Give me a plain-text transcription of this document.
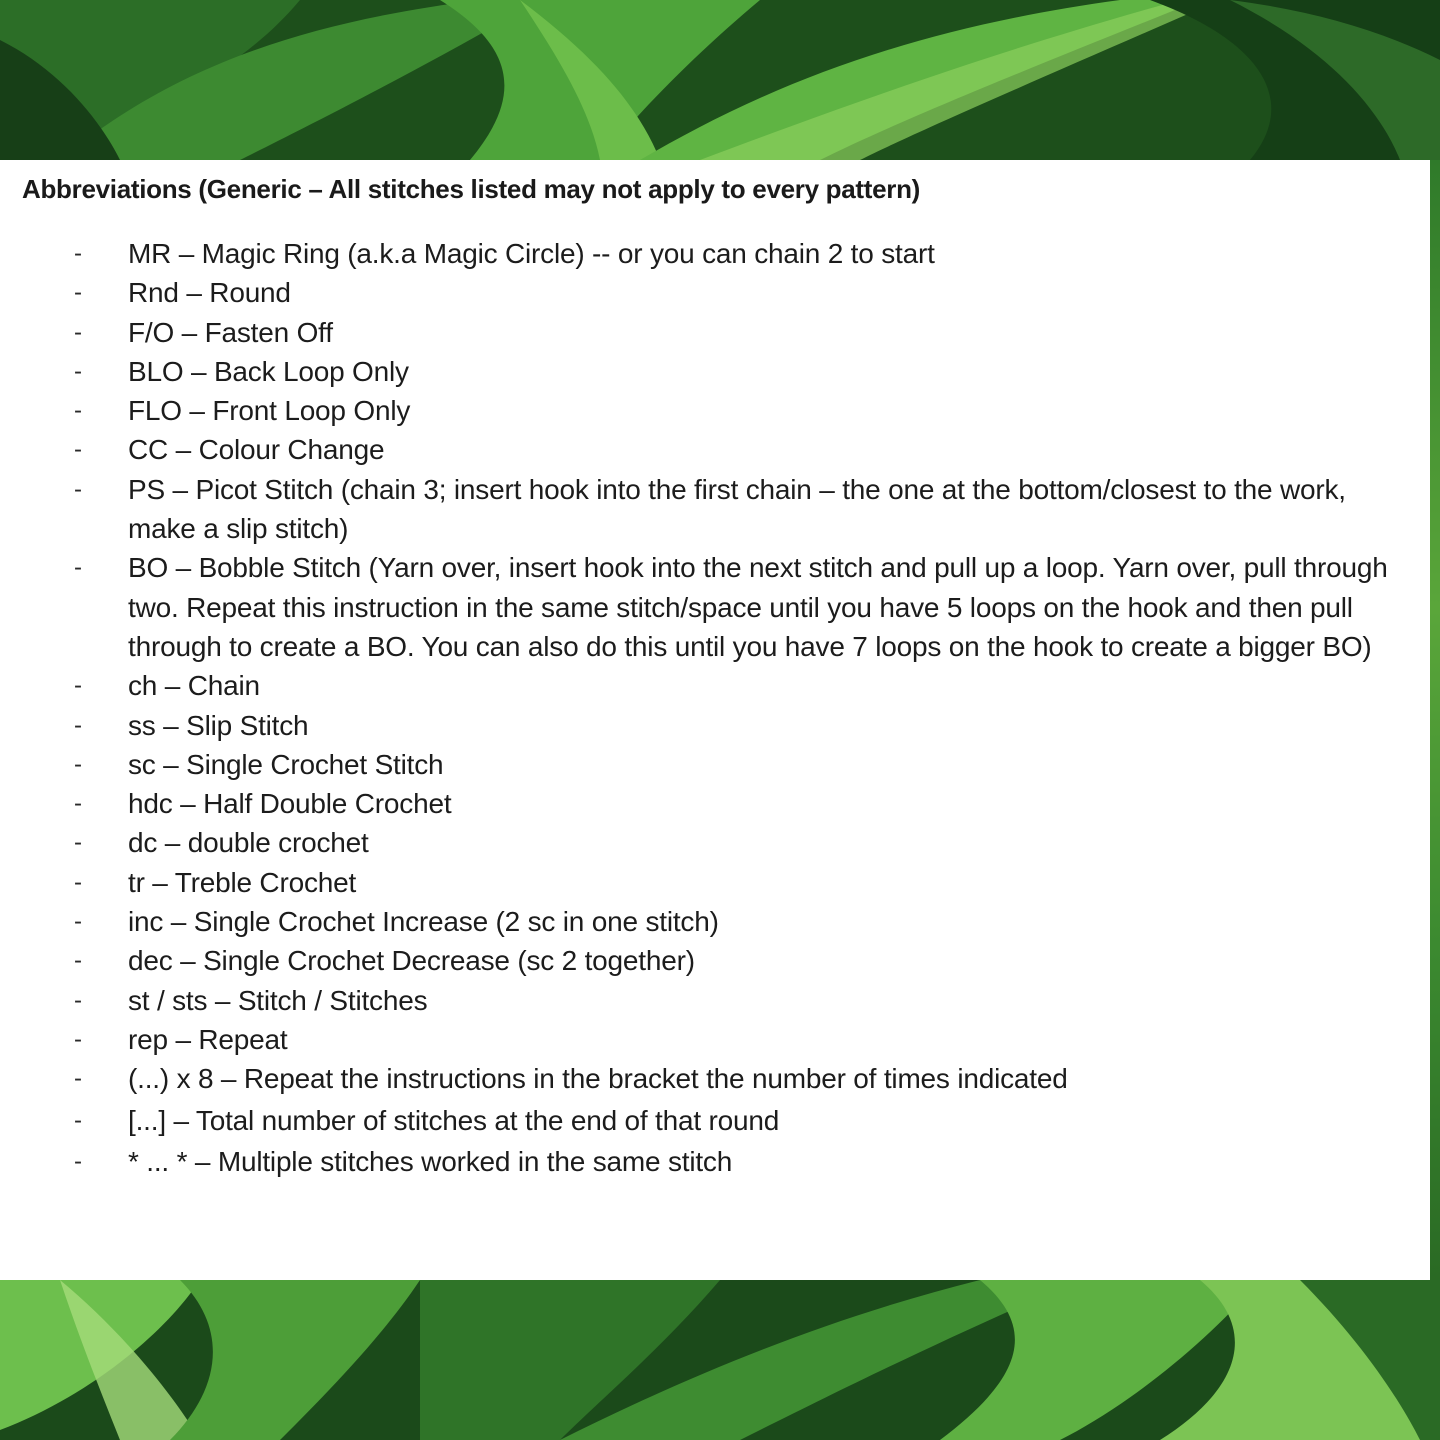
Abbreviations (Generic – All stitches listed may not apply to every pattern)
- MR – Magic Ring (a.k.a Magic Circle) -- or you can chain 2 to start
- Rnd – Round
- F/O – Fasten Off
- BLO – Back Loop Only
- FLO – Front Loop Only
- CC – Colour Change
- PS – Picot Stitch (chain 3; insert hook into the first chain – the one at the bottom/closest to the work, make a slip stitch)
- BO – Bobble Stitch (Yarn over, insert hook into the next stitch and pull up a loop. Yarn over, pull through two. Repeat this instruction in the same stitch/space until you have 5 loops on the hook and then pull through to create a BO. You can also do this until you have 7 loops on the hook to create a bigger BO)
- ch – Chain
- ss – Slip Stitch
- sc – Single Crochet Stitch
- hdc – Half Double Crochet
- dc – double crochet
- tr – Treble Crochet
- inc – Single Crochet Increase (2 sc in one stitch)
- dec – Single Crochet Decrease (sc 2 together)
- st / sts – Stitch / Stitches
- rep – Repeat
- (...) x 8 – Repeat the instructions in the bracket the number of times indicated
- [...] – Total number of stitches at the end of that round
- * ... * – Multiple stitches worked in the same stitch
